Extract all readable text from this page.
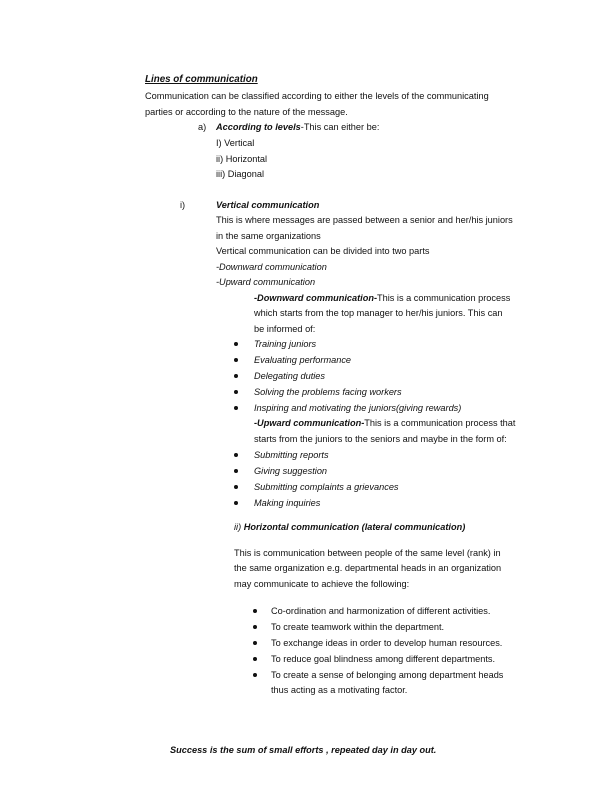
Lines of communication
Communication can be classified according to either the levels of the communicating
parties or according to the nature of the message.
a) According to levels-This can either be:
I) Vertical
ii) Horizontal
iii) Diagonal
i)	Vertical communication
This is where messages are passed between a senior and her/his juniors
in the same organizations
Vertical communication can be divided into two parts
-Downward communication
-Upward communication
-Downward communication-This is a communication process
which starts from the top manager to her/his juniors. This can
be informed of:
Training juniors
Evaluating performance
Delegating duties
Solving the problems facing workers
Inspiring and motivating the juniors(giving rewards)
-Upward communication-This is a communication process that
starts from the juniors to the seniors and maybe in the form of:
Submitting reports
Giving suggestion
Submitting complaints a grievances
Making inquiries
ii) Horizontal communication (lateral communication)
This is communication between people of the same level (rank) in
the same organization e.g. departmental heads in an organization
may communicate to achieve the following:
Co-ordination and harmonization of different activities.
To create teamwork within the department.
To exchange ideas in order to develop human resources.
To reduce goal blindness among different departments.
To create a sense of belonging among department heads
thus acting as a motivating factor.
Success is the sum of small efforts , repeated day in day out.
